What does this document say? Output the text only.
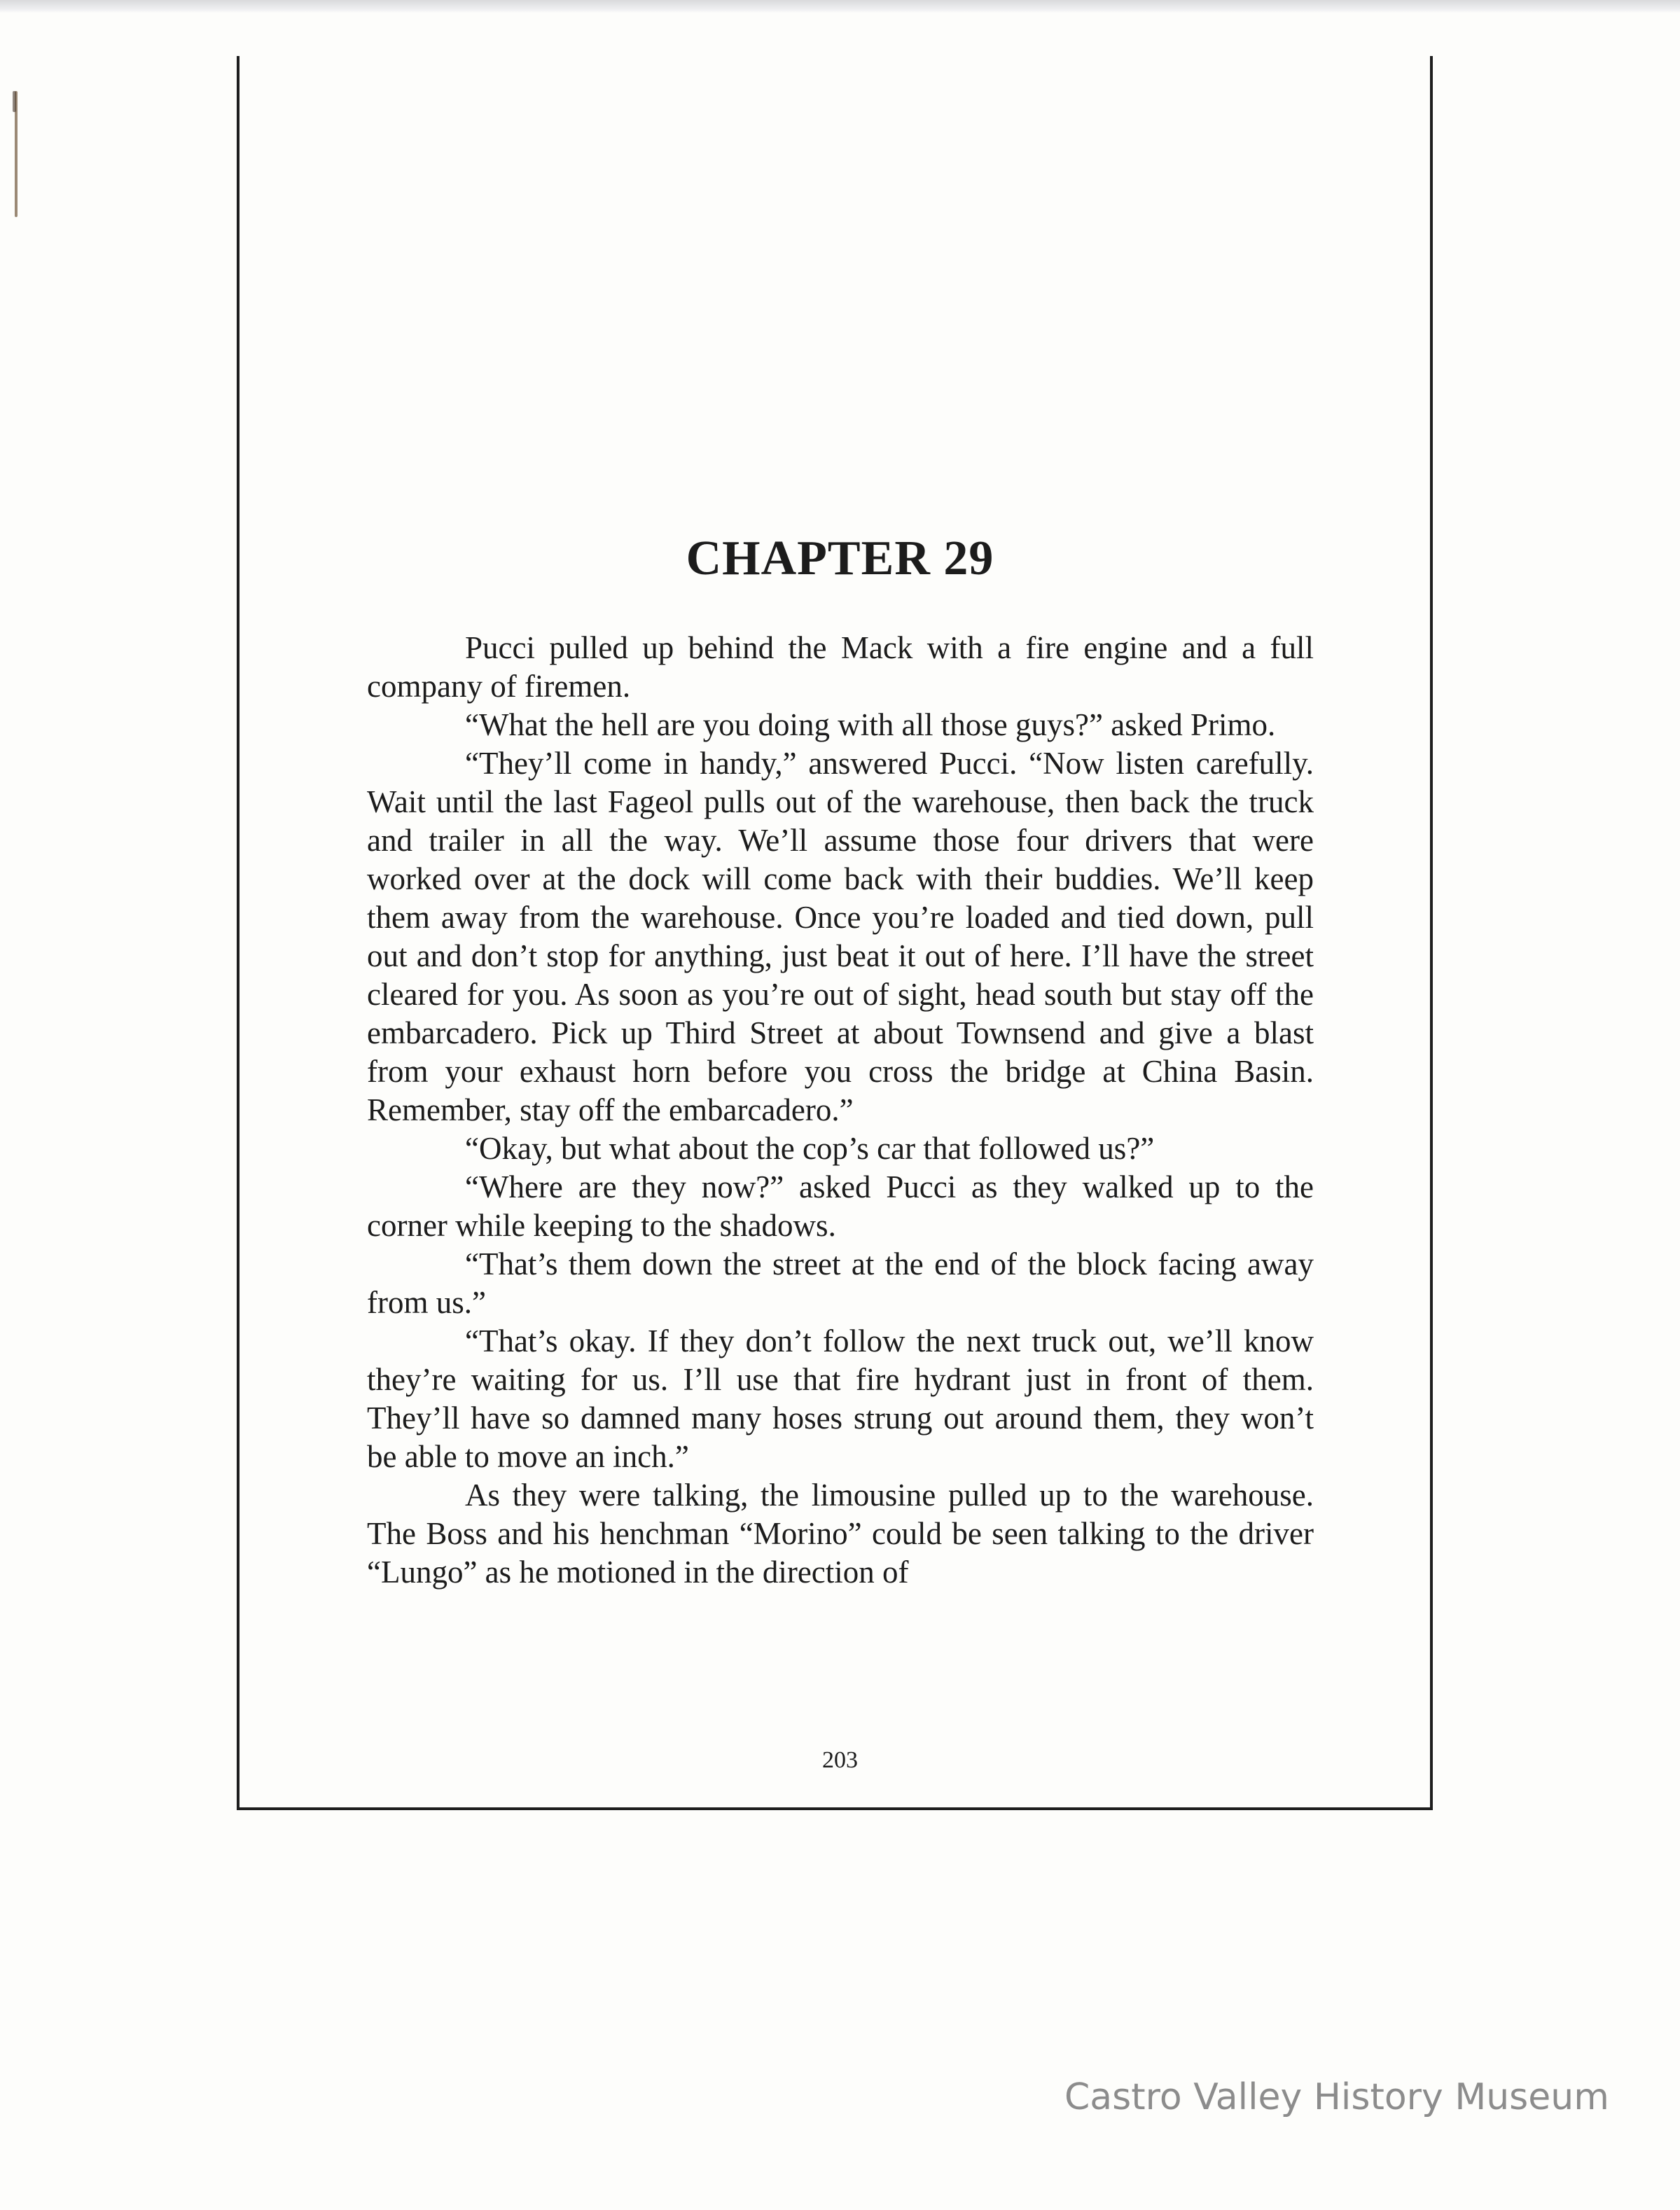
CHAPTER 29

Pucci pulled up behind the Mack with a fire engine and a full company of firemen.

“What the hell are you doing with all those guys?” asked Primo.

“They’ll come in handy,” answered Pucci. “Now listen carefully. Wait until the last Fageol pulls out of the warehouse, then back the truck and trailer in all the way. We’ll assume those four drivers that were worked over at the dock will come back with their buddies. We’ll keep them away from the warehouse. Once you’re loaded and tied down, pull out and don’t stop for anything, just beat it out of here. I’ll have the street cleared for you. As soon as you’re out of sight, head south but stay off the embarcadero. Pick up Third Street at about Townsend and give a blast from your exhaust horn before you cross the bridge at China Basin. Remember, stay off the embarcadero.”

“Okay, but what about the cop’s car that followed us?”

“Where are they now?” asked Pucci as they walked up to the corner while keeping to the shadows.

“That’s them down the street at the end of the block facing away from us.”

“That’s okay. If they don’t follow the next truck out, we’ll know they’re waiting for us. I’ll use that fire hydrant just in front of them. They’ll have so damned many hoses strung out around them, they won’t be able to move an inch.”

As they were talking, the limousine pulled up to the warehouse. The Boss and his henchman “Morino” could be seen talking to the driver “Lungo” as he motioned in the direction of

203
Castro Valley History Museum
